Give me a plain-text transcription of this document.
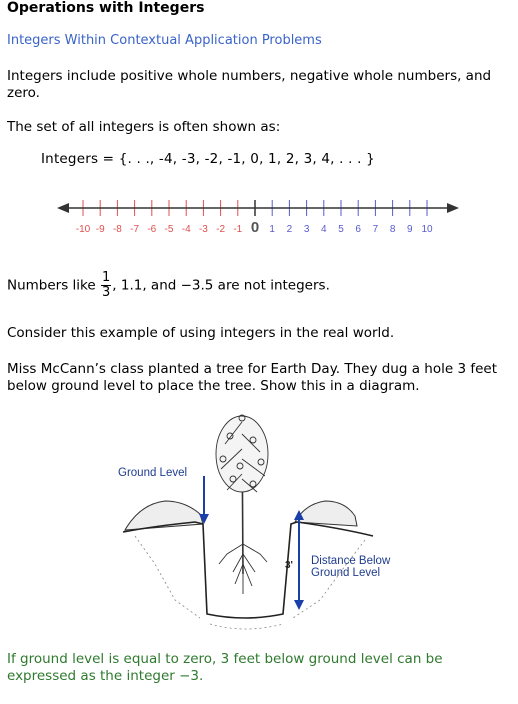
Operations with Integers
Integers Within Contextual Application Problems
Integers include positive whole numbers, negative whole numbers, and zero.
The set of all integers is often shown as:
Integers = {. . ., -4, -3, -2, -1, 0, 1, 2, 3, 4, . . . }
-10 -9 -8 -7 -6 -5 -4 -3 -2 -1 0 1 2 3 4 5 6 7 8 9 10
Numbers like $\frac{1}{3}$ , 1.1, and −3.5 are not integers.
Consider this example of using integers in the real world.
Miss McCann’s class planted a tree for Earth Day. They dug a hole 3 feet below ground level to place the tree. Show this in a diagram.
Ground Level
3' Distance Below
Ground Level
If ground level is equal to zero, 3 feet below ground level can be expressed as the integer −3.
